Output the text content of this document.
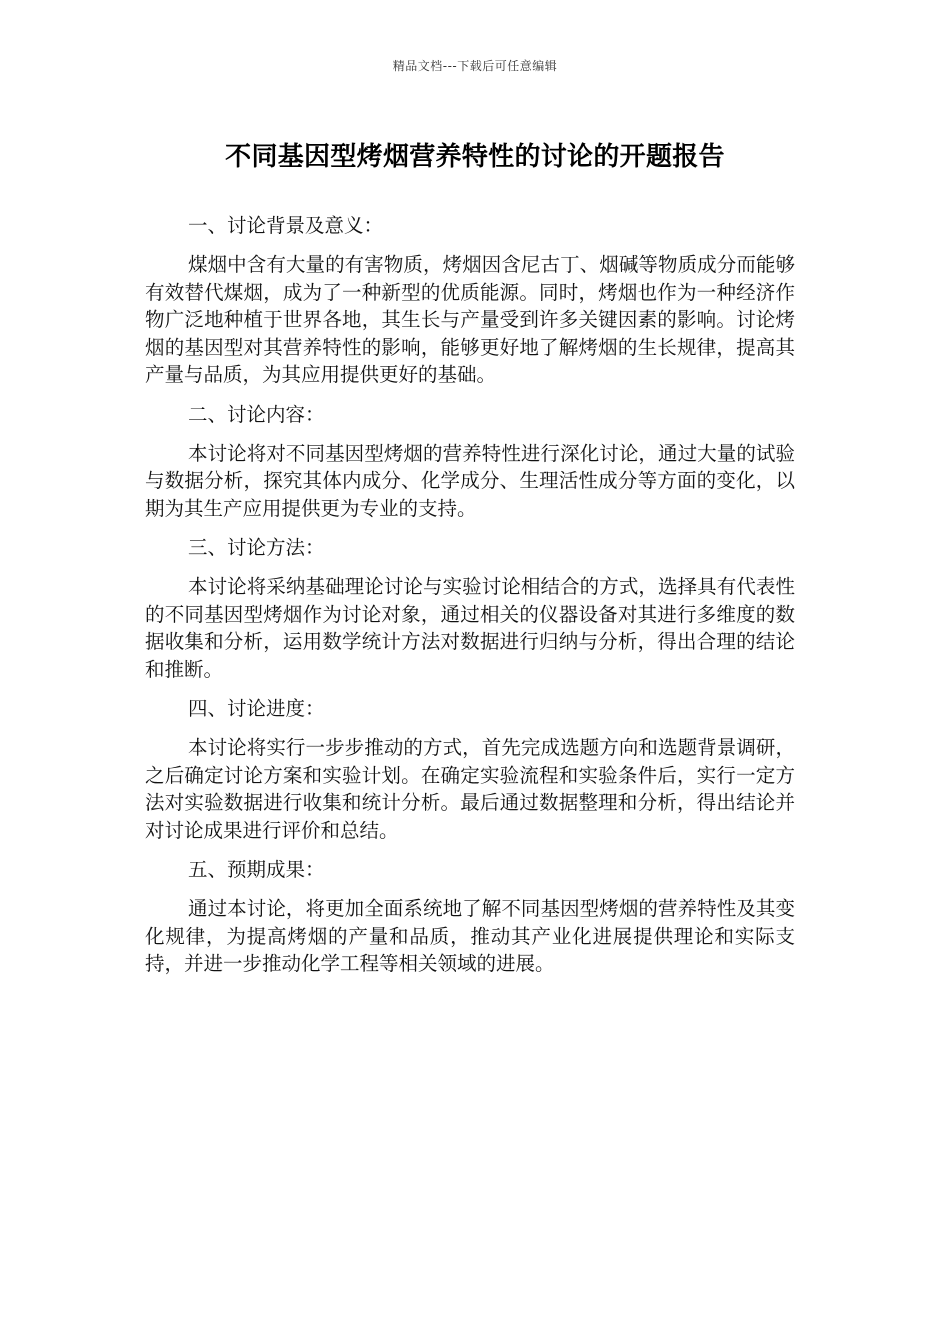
精品文档---下载后可任意编辑
不同基因型烤烟营养特性的讨论的开题报告
一、讨论背景及意义：
煤烟中含有大量的有害物质，烤烟因含尼古丁、烟碱等物质成分而能够有效替代煤烟，成为了一种新型的优质能源。同时，烤烟也作为一种经济作物广泛地种植于世界各地，其生长与产量受到许多关键因素的影响。讨论烤烟的基因型对其营养特性的影响，能够更好地了解烤烟的生长规律，提高其产量与品质，为其应用提供更好的基础。
二、讨论内容：
本讨论将对不同基因型烤烟的营养特性进行深化讨论，通过大量的试验与数据分析，探究其体内成分、化学成分、生理活性成分等方面的变化，以期为其生产应用提供更为专业的支持。
三、讨论方法：
本讨论将采纳基础理论讨论与实验讨论相结合的方式，选择具有代表性的不同基因型烤烟作为讨论对象，通过相关的仪器设备对其进行多维度的数据收集和分析，运用数学统计方法对数据进行归纳与分析，得出合理的结论和推断。
四、讨论进度：
本讨论将实行一步步推动的方式，首先完成选题方向和选题背景调研，之后确定讨论方案和实验计划。在确定实验流程和实验条件后，实行一定方法对实验数据进行收集和统计分析。最后通过数据整理和分析，得出结论并对讨论成果进行评价和总结。
五、预期成果：
通过本讨论，将更加全面系统地了解不同基因型烤烟的营养特性及其变化规律，为提高烤烟的产量和品质，推动其产业化进展提供理论和实际支持，并进一步推动化学工程等相关领域的进展。
